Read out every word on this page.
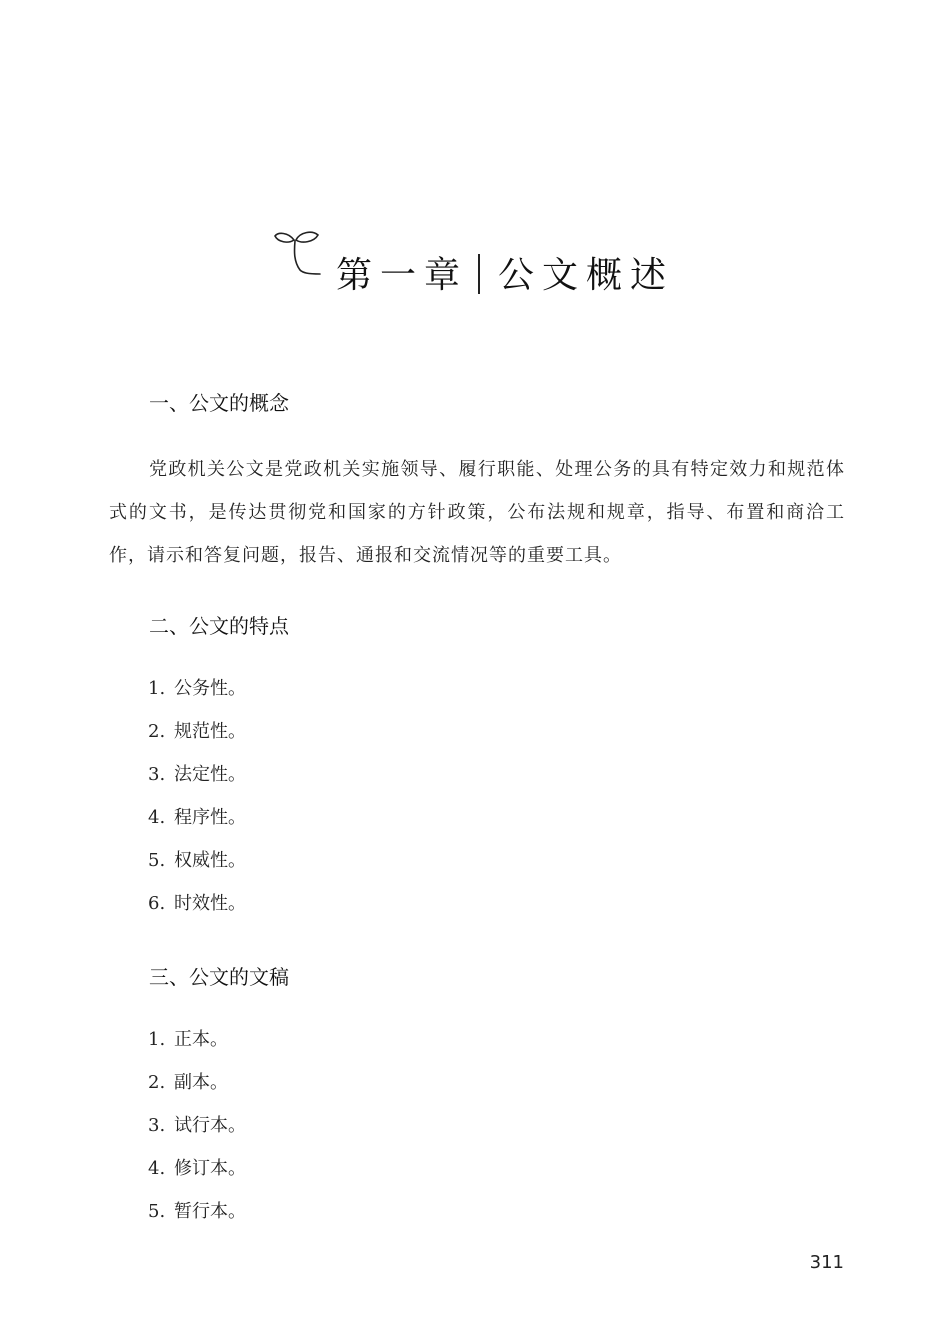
第一章 公文概述
一、公文的概念
党政机关公文是党政机关实施领导、履行职能、处理公务的具有特定效力和规范体式的文书，是传达贯彻党和国家的方针政策，公布法规和规章，指导、布置和商洽工作，请示和答复问题，报告、通报和交流情况等的重要工具。
二、公文的特点
1. 公务性。
2. 规范性。
3. 法定性。
4. 程序性。
5. 权威性。
6. 时效性。
三、公文的文稿
1. 正本。
2. 副本。
3. 试行本。
4. 修订本。
5. 暂行本。
311
